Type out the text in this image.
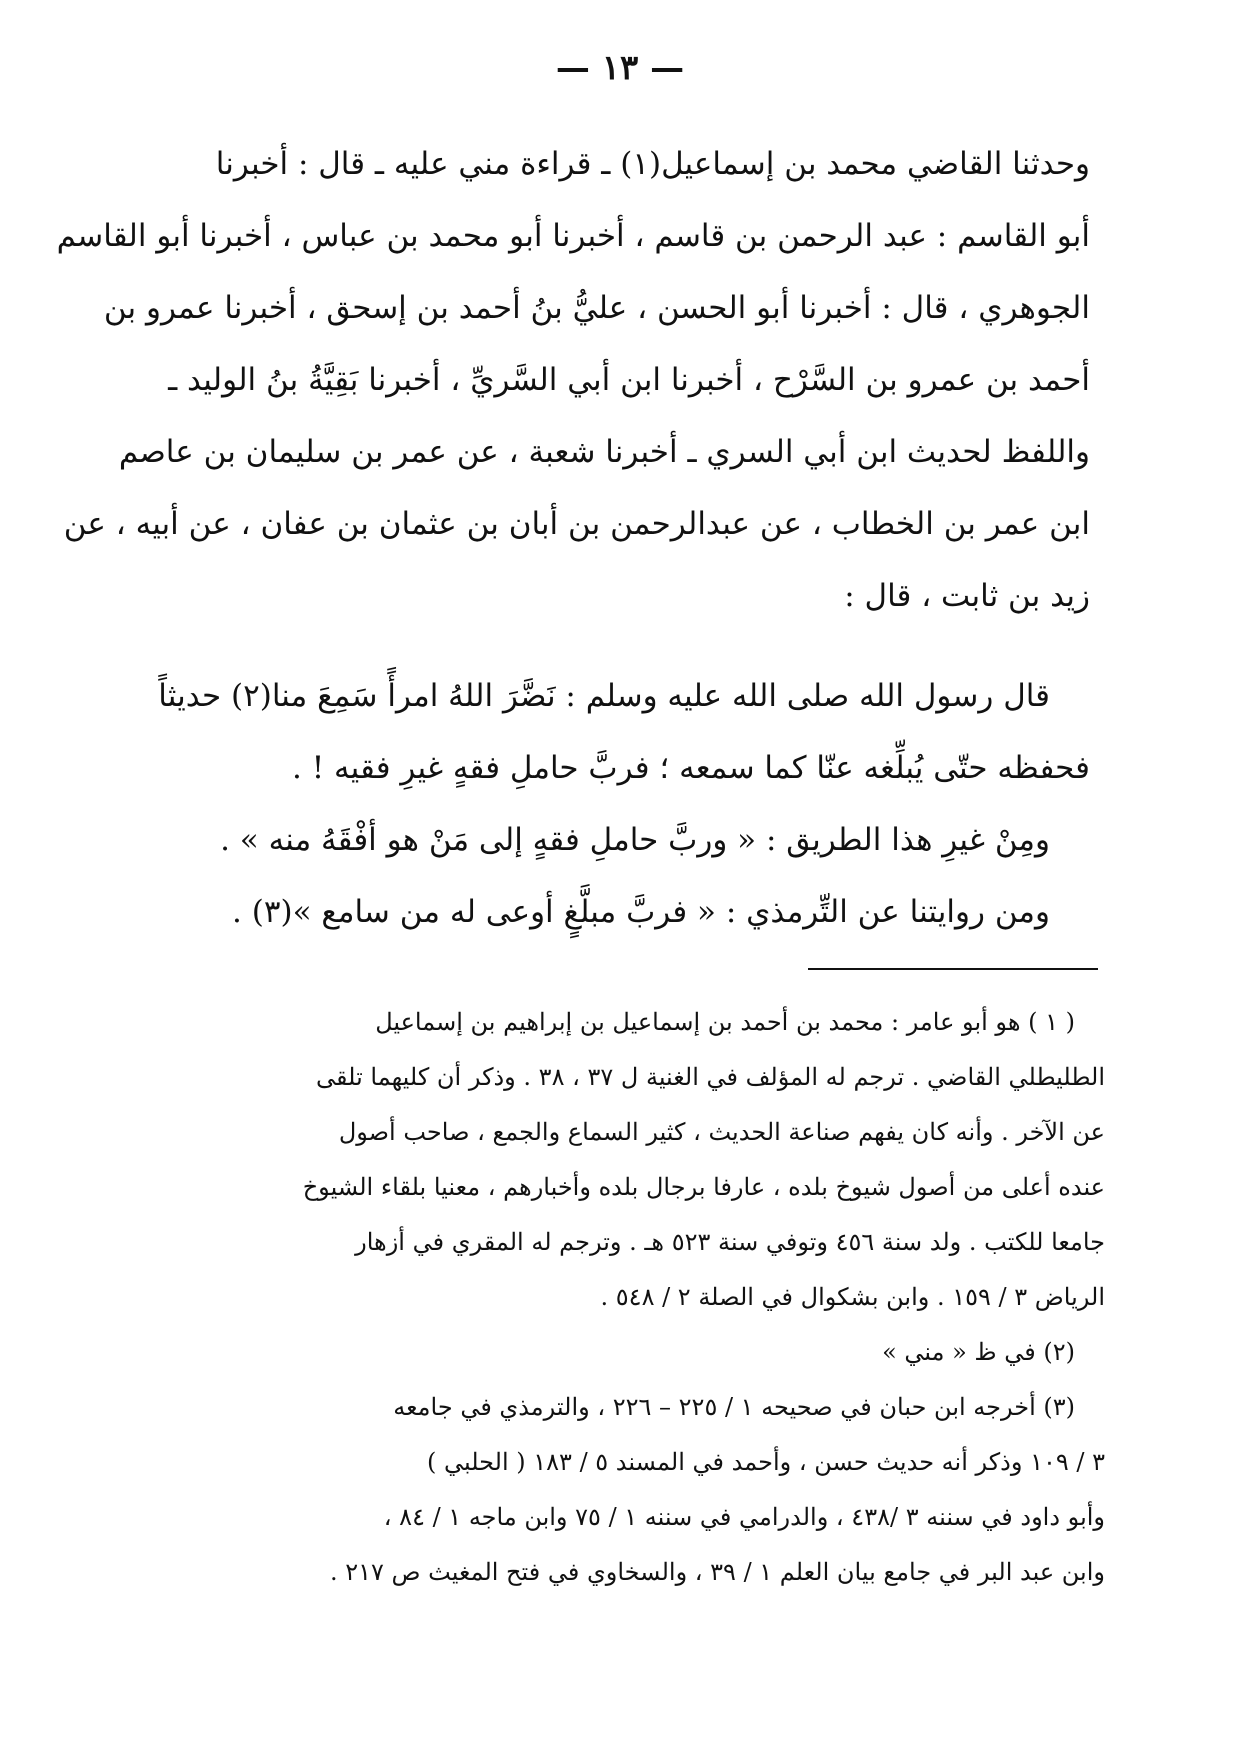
— ١٣ —
وحدثنا القاضي محمد بن إسماعيل(١) ـ قراءة مني عليه ـ قال : أخبرنا
أبو القاسم : عبد الرحمن بن قاسم ، أخبرنا أبو محمد بن عباس ، أخبرنا أبو القاسم
الجوهري ، قال : أخبرنا أبو الحسن ، عليُّ بنُ أحمد بن إسحق ، أخبرنا عمرو بن
أحمد بن عمرو بن السَّرْح ، أخبرنا ابن أبي السَّريِّ ، أخبرنا بَقِيَّةُ بنُ الوليد ـ
واللفظ لحديث ابن أبي السري ـ أخبرنا شعبة ، عن عمر بن سليمان بن عاصم
ابن عمر بن الخطاب ، عن عبدالرحمن بن أبان بن عثمان بن عفان ، عن أبيه ، عن
زيد بن ثابت ، قال :
قال رسول الله صلى الله عليه وسلم : نَضَّرَ اللهُ امرأً سَمِعَ منا(٢) حديثاً
فحفظه حتّى يُبلِّغه عنّا كما سمعه ؛ فربَّ حاملِ فقهٍ غيرِ فقيه ! .
ومِنْ غيرِ هذا الطريق : « وربَّ حاملِ فقهٍ إلى مَنْ هو أفْقَهُ منه » .
ومن روايتنا عن التِّرمذي : « فربَّ مبلَّغٍ أوعى له من سامع »(٣) .
( ١ ) هو أبو عامر : محمد بن أحمد بن إسماعيل بن إبراهيم بن إسماعيل
الطليطلي القاضي . ترجم له المؤلف في الغنية ل ٣٧ ، ٣٨ . وذكر أن كليهما تلقى
عن الآخر . وأنه كان يفهم صناعة الحديث ، كثير السماع والجمع ، صاحب أصول
عنده أعلى من أصول شيوخ بلده ، عارفا برجال بلده وأخبارهم ، معنيا بلقاء الشيوخ
جامعا للكتب . ولد سنة ٤٥٦ وتوفي سنة ٥٢٣ هـ . وترجم له المقري في أزهار
الرياض ٣ / ١٥٩ . وابن بشكوال في الصلة ٢ / ٥٤٨ .
(٢) في ظ « مني »
(٣) أخرجه ابن حبان في صحيحه ١ / ٢٢٥ – ٢٢٦ ، والترمذي في جامعه
٣ / ١٠٩ وذكر أنه حديث حسن ، وأحمد في المسند ٥ / ١٨٣ ( الحلبي )
وأبو داود في سننه ٣ /٤٣٨ ، والدرامي في سننه ١ / ٧٥ وابن ماجه ١ / ٨٤ ،
وابن عبد البر في جامع بيان العلم ١ / ٣٩ ، والسخاوي في فتح المغيث ص ٢١٧ .
